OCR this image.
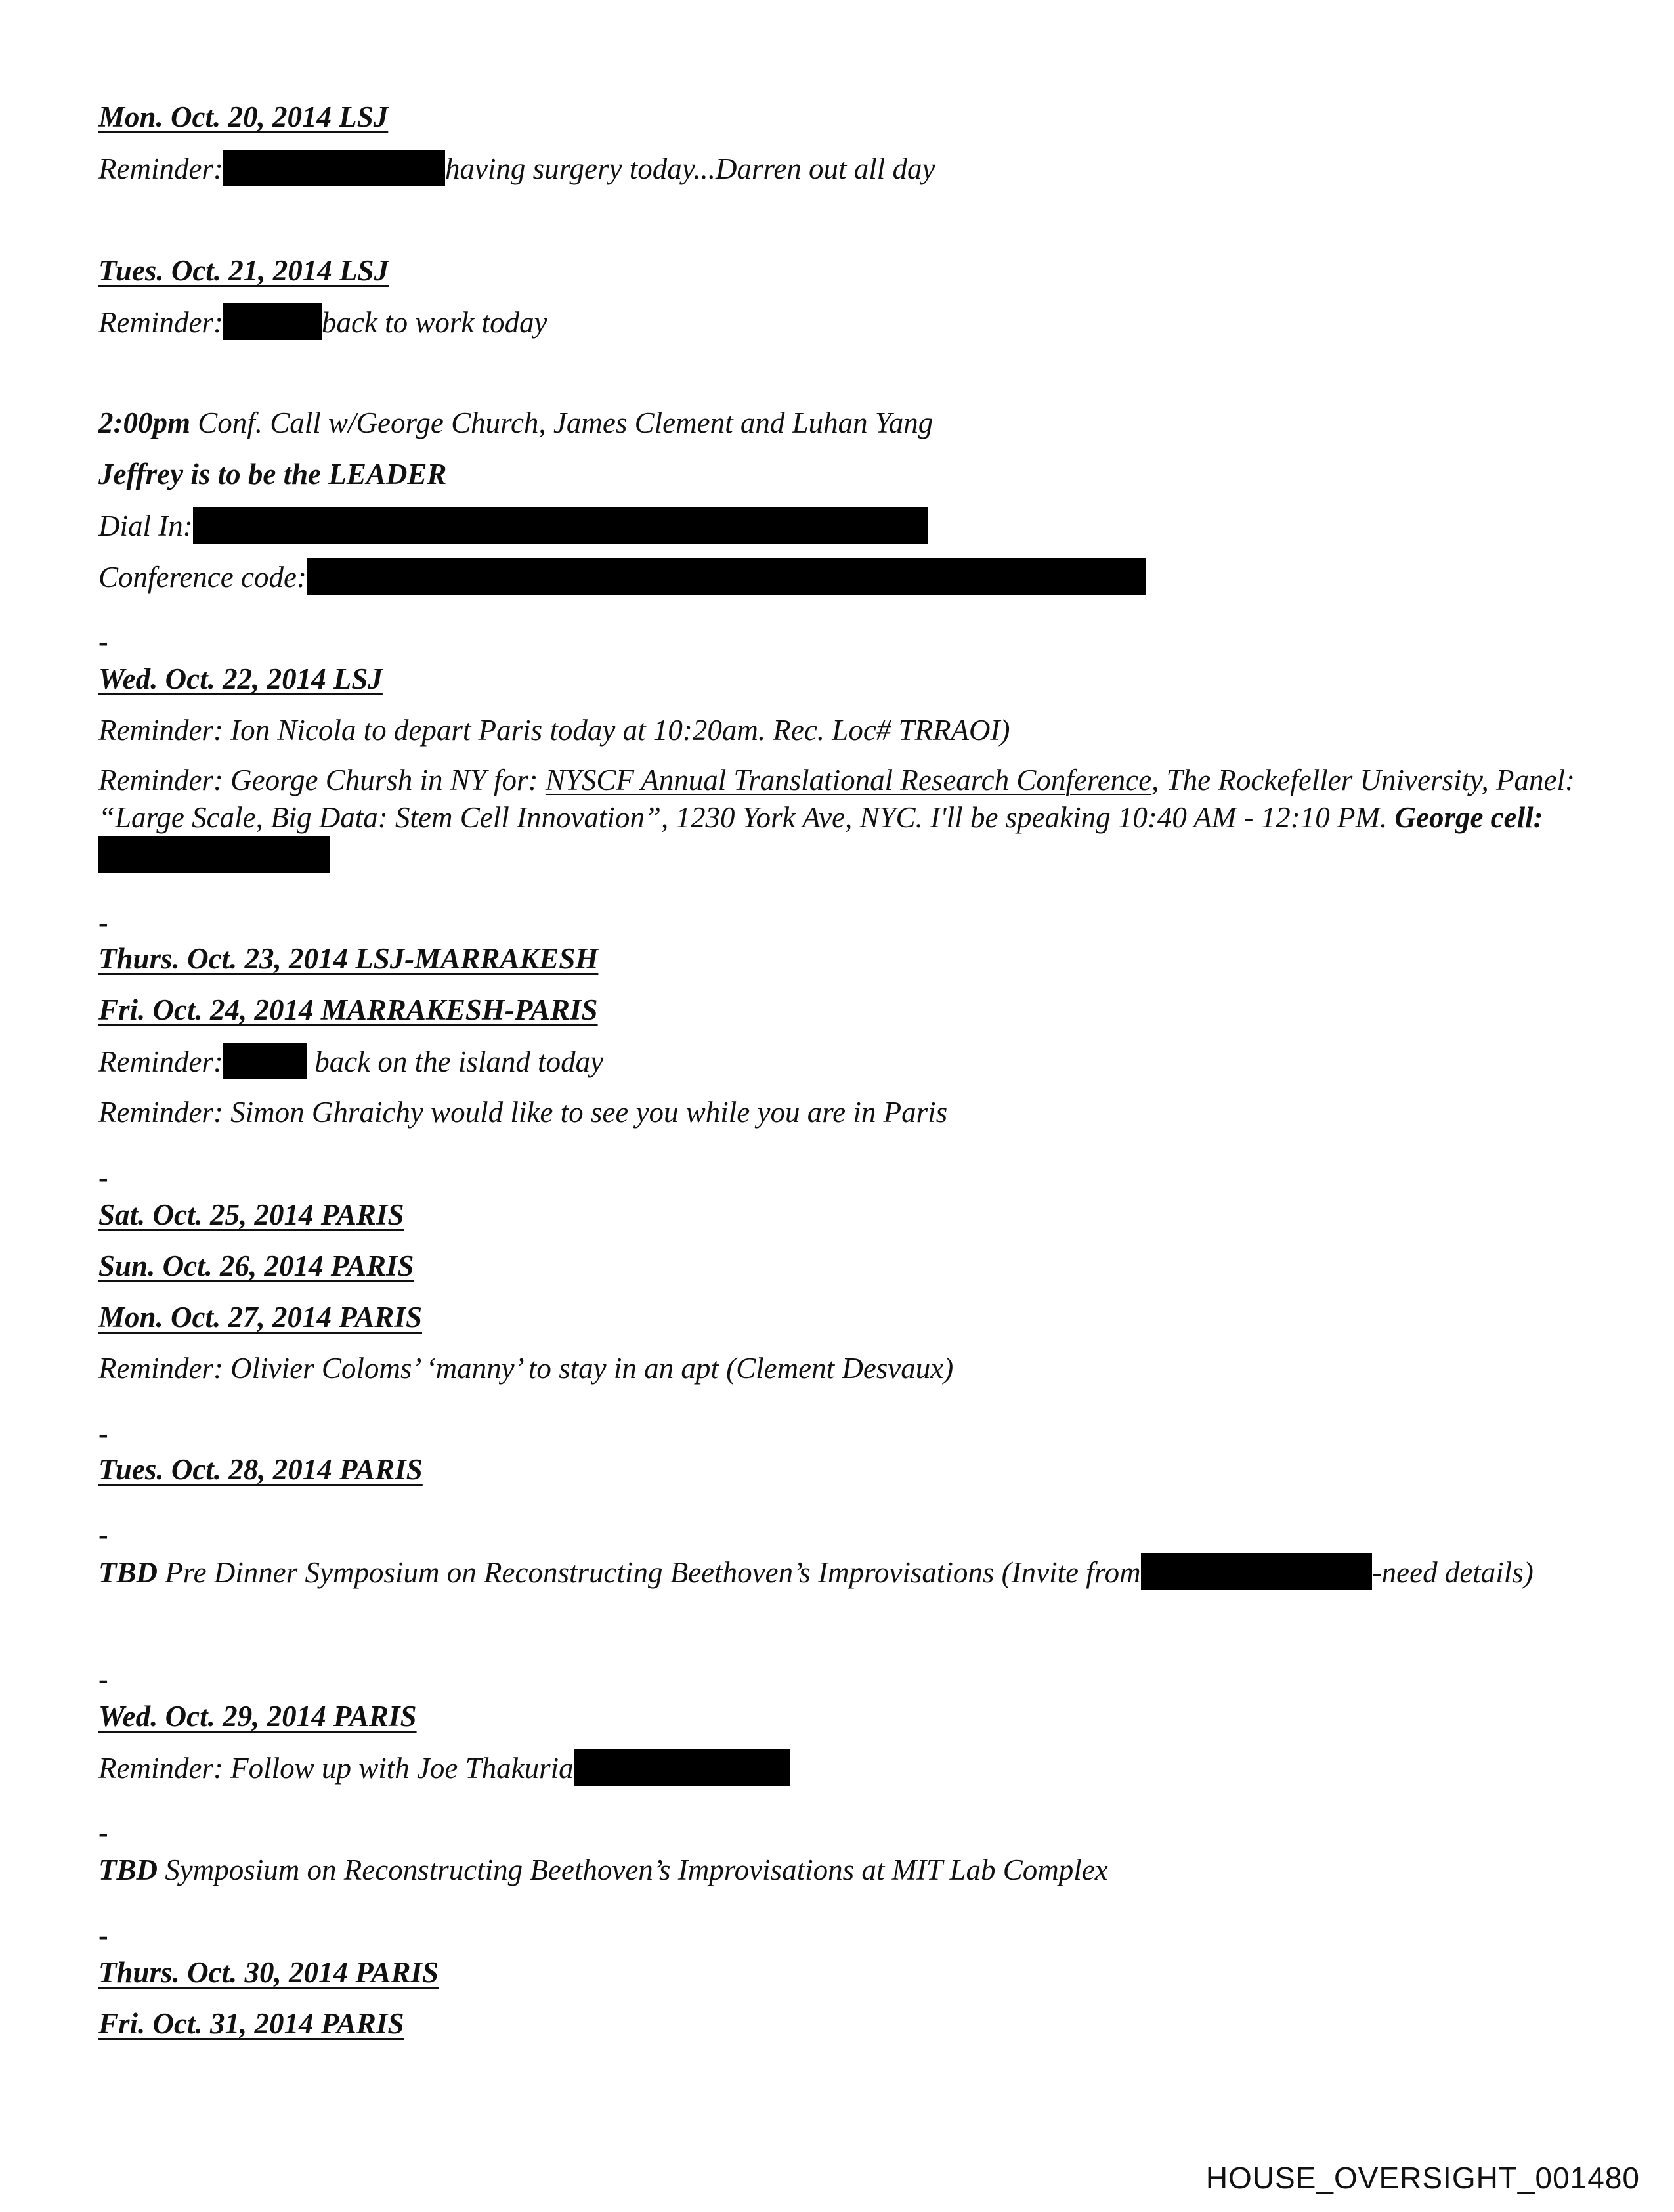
Mon. Oct. 20, 2014 LSJ
Reminder:	having surgery today...Darren out all day
Tues. Oct. 21, 2014 LSJ
Reminder:	back to work today
2:00pm Conf. Call w/George Church, James Clement and Luhan Yang
Jeffrey is to be the LEADER
Dial In:
Conference code:
-
Wed. Oct. 22, 2014 LSJ
Reminder: Ion Nicola to depart Paris today at 10:20am. Rec. Loc# TRRAOI)
Reminder: George Chursh in NY for: NYSCF Annual Translational Research Conference, The Rockefeller University, Panel: “Large Scale, Big Data: Stem Cell Innovation”, 1230 York Ave, NYC. I'll be speaking 10:40 AM - 12:10 PM. George cell:
-
Thurs. Oct. 23, 2014 LSJ-MARRAKESH
Fri. Oct. 24, 2014 MARRAKESH-PARIS
Reminder:	back on the island today
Reminder: Simon Ghraichy would like to see you while you are in Paris
-
Sat. Oct. 25, 2014 PARIS
Sun. Oct. 26, 2014 PARIS
Mon. Oct. 27, 2014 PARIS
Reminder: Olivier Coloms’ ‘manny’ to stay in an apt (Clement Desvaux)
-
Tues. Oct. 28, 2014 PARIS
-
TBD Pre Dinner Symposium on Reconstructing Beethoven’s Improvisations (Invite from	-need details)
-
Wed. Oct. 29, 2014 PARIS
Reminder: Follow up with Joe Thakuria
-
TBD Symposium on Reconstructing Beethoven’s Improvisations at MIT Lab Complex
-
Thurs. Oct. 30, 2014 PARIS
Fri. Oct. 31, 2014 PARIS
HOUSE_OVERSIGHT_001480
